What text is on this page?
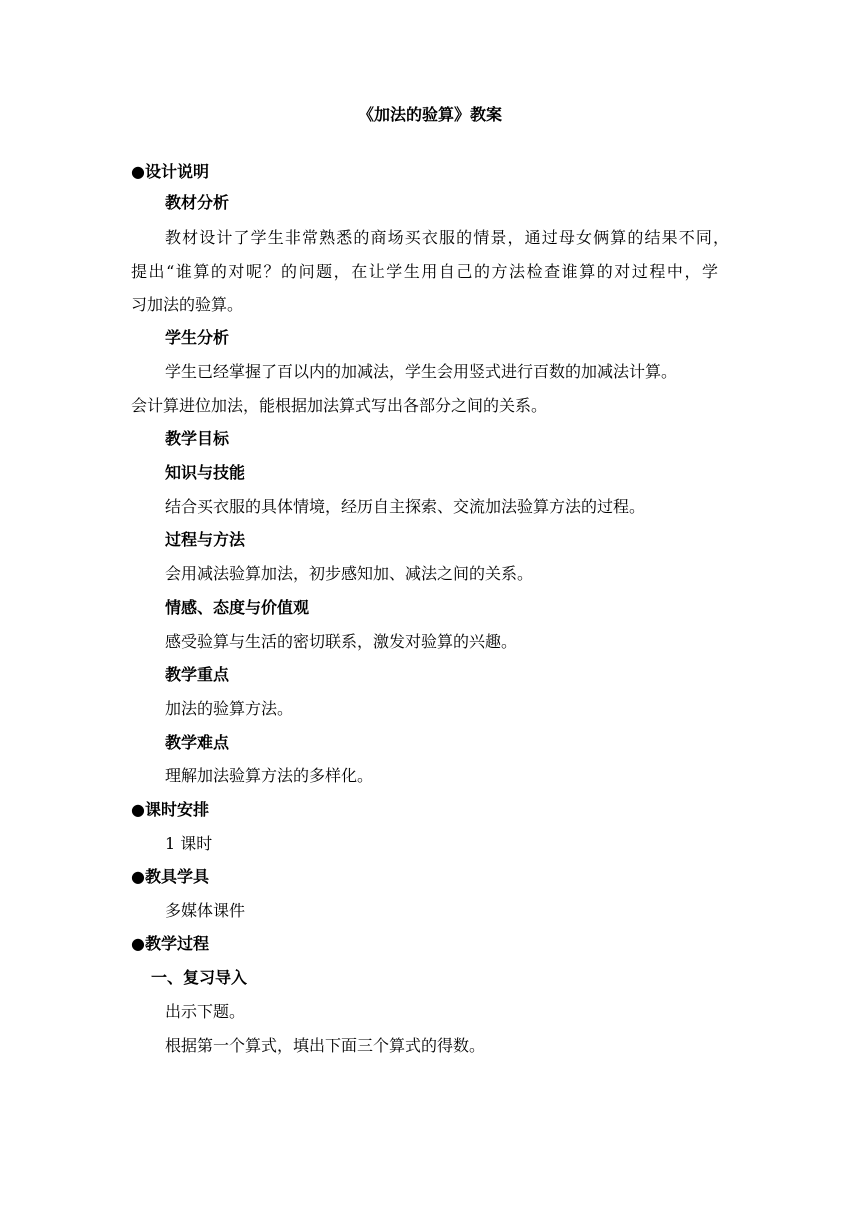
《加法的验算》教案
●设计说明
教材分析
教材设计了学生非常熟悉的商场买衣服的情景，通过母女俩算的结果不同，
提出“谁算的对呢？的问题，在让学生用自己的方法检查谁算的对过程中，学
习加法的验算。
学生分析
学生已经掌握了百以内的加减法，学生会用竖式进行百数的加减法计算。
会计算进位加法，能根据加法算式写出各部分之间的关系。
教学目标
知识与技能
结合买衣服的具体情境，经历自主探索、交流加法验算方法的过程。
过程与方法
会用减法验算加法，初步感知加、减法之间的关系。
情感、态度与价值观
感受验算与生活的密切联系，激发对验算的兴趣。
教学重点
加法的验算方法。
教学难点
理解加法验算方法的多样化。
●课时安排
1 课时
●教具学具
多媒体课件
●教学过程
一、复习导入
出示下题。
根据第一个算式，填出下面三个算式的得数。
